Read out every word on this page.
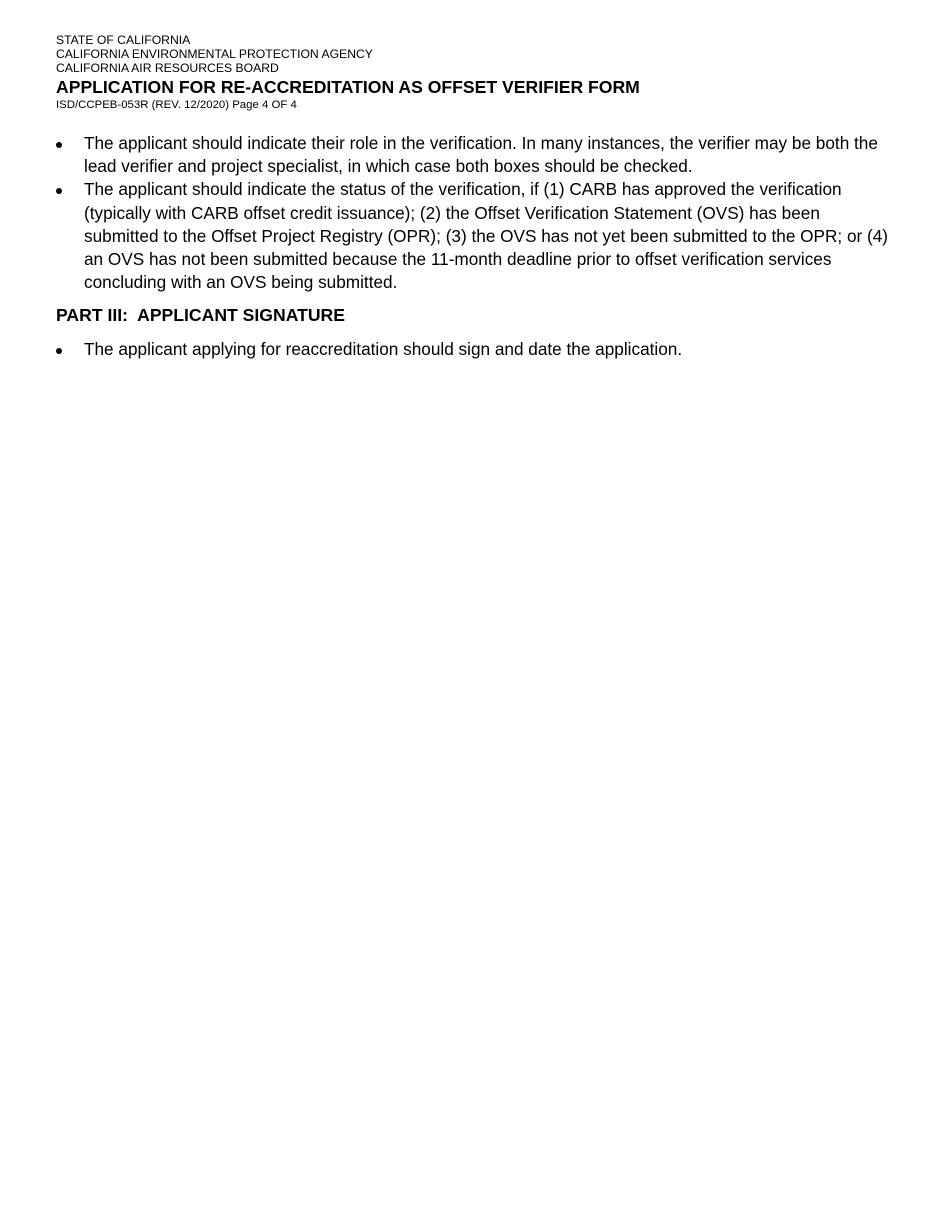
STATE OF CALIFORNIA
CALIFORNIA ENVIRONMENTAL PROTECTION AGENCY
CALIFORNIA AIR RESOURCES BOARD
APPLICATION FOR RE-ACCREDITATION AS OFFSET VERIFIER FORM
ISD/CCPEB-053R (REV. 12/2020) Page 4 OF 4
The applicant should indicate their role in the verification. In many instances, the verifier may be both the lead verifier and project specialist, in which case both boxes should be checked.
The applicant should indicate the status of the verification, if (1) CARB has approved the verification (typically with CARB offset credit issuance); (2) the Offset Verification Statement (OVS) has been submitted to the Offset Project Registry (OPR); (3) the OVS has not yet been submitted to the OPR; or (4) an OVS has not been submitted because the 11-month deadline prior to offset verification services concluding with an OVS being submitted.
PART III:  APPLICANT SIGNATURE
The applicant applying for reaccreditation should sign and date the application.
